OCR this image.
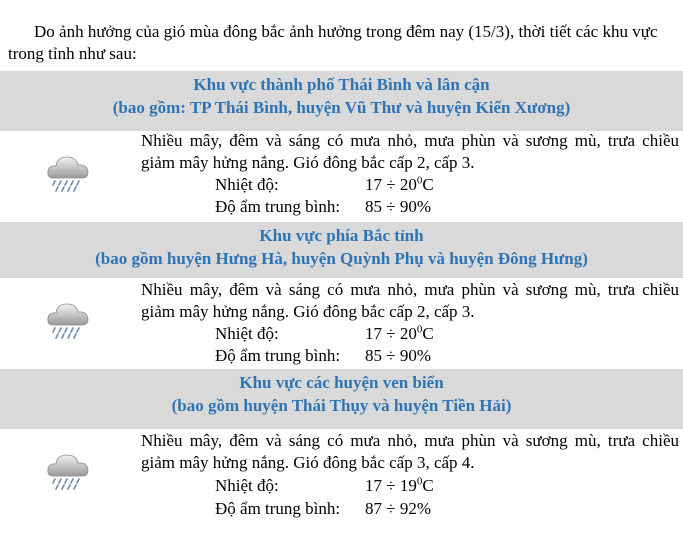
Do ảnh hưởng của gió mùa đông bắc ảnh hưởng trong đêm nay (15/3), thời tiết các khu vực trong tỉnh như sau:
Khu vực thành phố Thái Bình và lân cận
(bao gồm: TP Thái Bình, huyện Vũ Thư và huyện Kiến Xương)
Nhiều mây, đêm và sáng có mưa nhỏ, mưa phùn và sương mù, trưa chiều
giảm mây hửng nắng. Gió đông bắc cấp 2, cấp 3.
Nhiệt độ:	$17 \div 20^0C$
Độ ẩm trung bình: 85 ÷ 90%
Khu vực phía Bắc tỉnh
(bao gồm huyện Hưng Hà, huyện Quỳnh Phụ và huyện Đông Hưng)
Nhiều mây, đêm và sáng có mưa nhỏ, mưa phùn và sương mù, trưa chiều
giảm mây hửng nắng. Gió đông bắc cấp 2, cấp 3.
Nhiệt độ:	$17 \div 20^0C$
Độ ẩm trung bình: 85 ÷ 90%
Khu vực các huyện ven biển
(bao gồm huyện Thái Thụy và huyện Tiền Hải)
Nhiều mây, đêm và sáng có mưa nhỏ, mưa phùn và sương mù, trưa chiều
giảm mây hửng nắng. Gió đông bắc cấp 3, cấp 4.
Nhiệt độ:	$17 \div 19^0C$
Độ ẩm trung bình: 87 ÷ 92%
